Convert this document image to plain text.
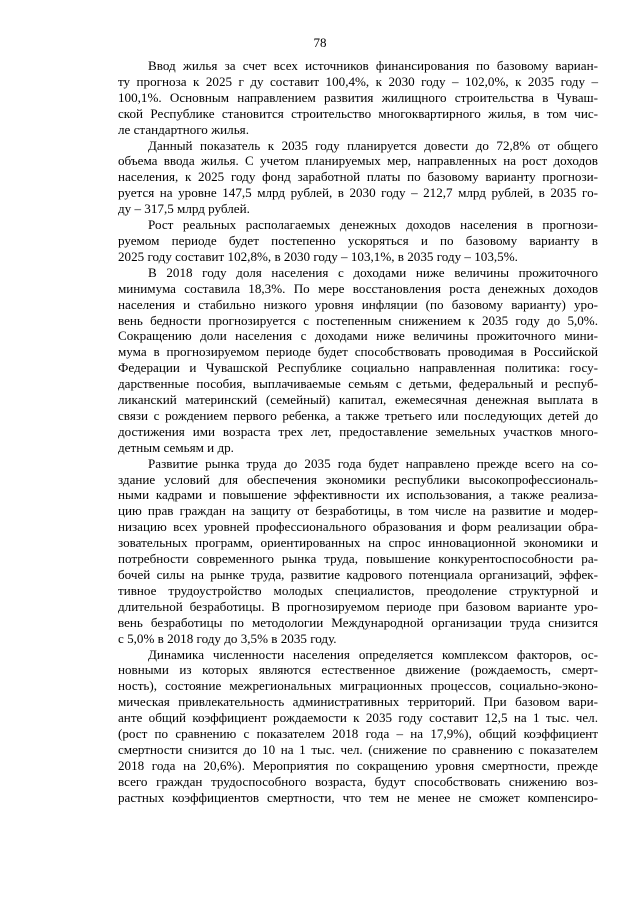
78
Ввод жилья за счет всех источников финансирования по базовому вариан-
ту прогноза к 2025 г ду составит 100,4%, к 2030 году – 102,0%, к 2035 году –
100,1%. Основным направлением развития жилищного строительства в Чуваш-
ской Республике становится строительство многоквартирного жилья, в том чис-
ле стандартного жилья.
Данный показатель к 2035 году планируется довести до 72,8% от общего
объема ввода жилья. С учетом планируемых мер, направленных на рост доходов
населения, к 2025 году фонд заработной платы по базовому варианту прогнози-
руется на уровне 147,5 млрд рублей, в 2030 году – 212,7 млрд рублей, в 2035 го-
ду – 317,5 млрд рублей.
Рост реальных располагаемых денежных доходов населения в прогнози-
руемом периоде будет постепенно ускоряться и по базовому варианту в
2025 году составит 102,8%, в 2030 году – 103,1%, в 2035 году – 103,5%.
В 2018 году доля населения с доходами ниже величины прожиточного
минимума составила 18,3%. По мере восстановления роста денежных доходов
населения и стабильно низкого уровня инфляции (по базовому варианту) уро-
вень бедности прогнозируется с постепенным снижением к 2035 году до 5,0%.
Сокращению доли населения с доходами ниже величины прожиточного мини-
мума в прогнозируемом периоде будет способствовать проводимая в Российской
Федерации и Чувашской Республике социально направленная политика: госу-
дарственные пособия, выплачиваемые семьям с детьми, федеральный и респуб-
ликанский материнский (семейный) капитал, ежемесячная денежная выплата в
связи с рождением первого ребенка, а также третьего или последующих детей до
достижения ими возраста трех лет, предоставление земельных участков много-
детным семьям и др.
Развитие рынка труда до 2035 года будет направлено прежде всего на со-
здание условий для обеспечения экономики республики высокопрофессиональ-
ными кадрами и повышение эффективности их использования, а также реализа-
цию прав граждан на защиту от безработицы, в том числе на развитие и модер-
низацию всех уровней профессионального образования и форм реализации обра-
зовательных программ, ориентированных на спрос инновационной экономики и
потребности современного рынка труда, повышение конкурентоспособности ра-
бочей силы на рынке труда, развитие кадрового потенциала организаций, эффек-
тивное трудоустройство молодых специалистов, преодоление структурной и
длительной безработицы. В прогнозируемом периоде при базовом варианте уро-
вень безработицы по методологии Международной организации труда снизится
с 5,0% в 2018 году до 3,5% в 2035 году.
Динамика численности населения определяется комплексом факторов, ос-
новными из которых являются естественное движение (рождаемость, смерт-
ность), состояние межрегиональных миграционных процессов, социально-эконо-
мическая привлекательность административных территорий. При базовом вари-
анте общий коэффициент рождаемости к 2035 году составит 12,5 на 1 тыс. чел.
(рост по сравнению с показателем 2018 года – на 17,9%), общий коэффициент
смертности снизится до 10 на 1 тыс. чел. (снижение по сравнению с показателем
2018 года на 20,6%). Мероприятия по сокращению уровня смертности, прежде
всего граждан трудоспособного возраста, будут способствовать снижению воз-
растных коэффициентов смертности, что тем не менее не сможет компенсиро-
